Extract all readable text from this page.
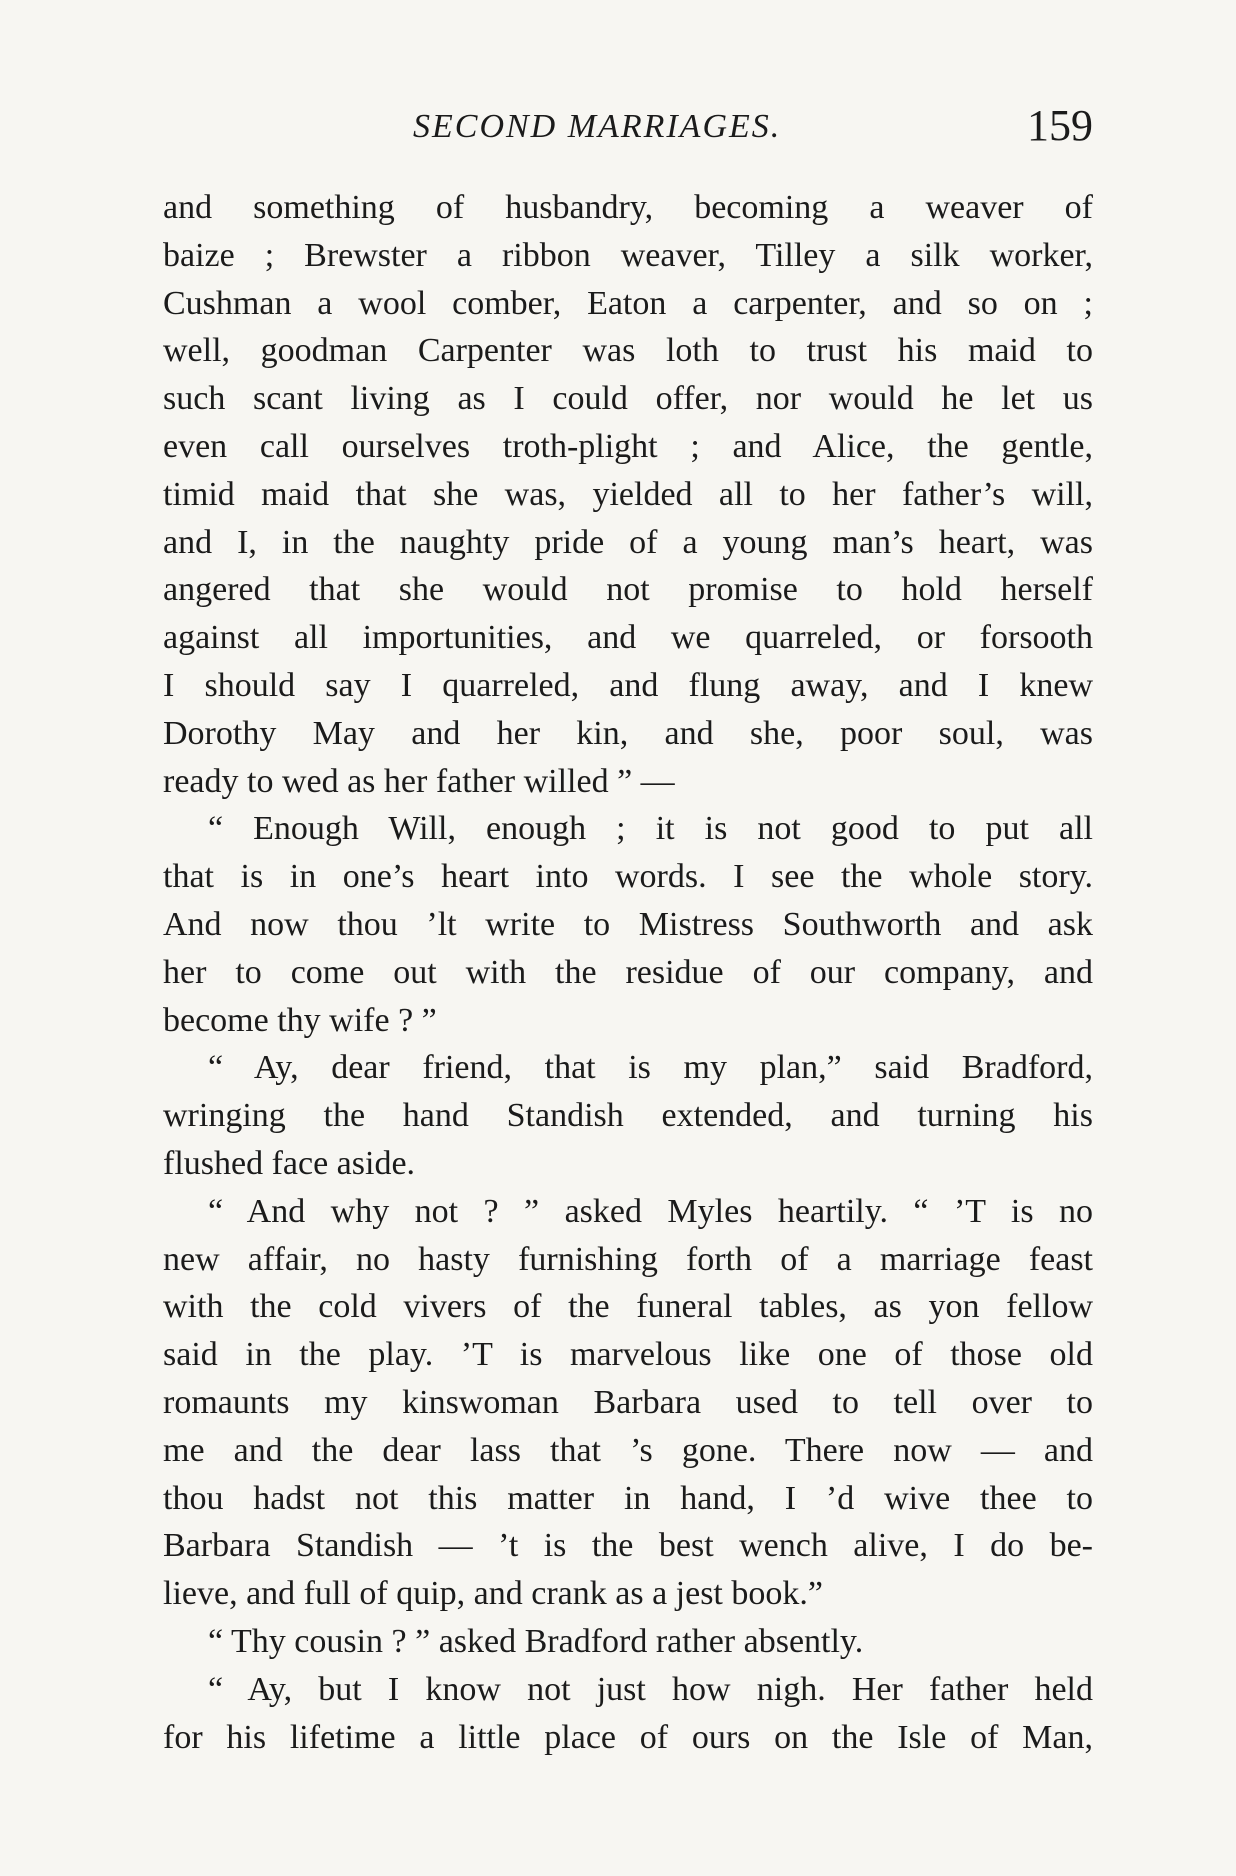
SECOND MARRIAGES.	159
and something of husbandry, becoming a weaver of
baize ; Brewster a ribbon weaver, Tilley a silk worker,
Cushman a wool comber, Eaton a carpenter, and so on ;
well, goodman Carpenter was loth to trust his maid to
such scant living as I could offer, nor would he let us
even call ourselves troth-plight ; and Alice, the gentle,
timid maid that she was, yielded all to her father’s will,
and I, in the naughty pride of a young man’s heart, was
angered that she would not promise to hold herself
against all importunities, and we quarreled, or forsooth
I should say I quarreled, and flung away, and I knew
Dorothy May and her kin, and she, poor soul, was
ready to wed as her father willed ” —
“ Enough Will, enough ; it is not good to put all
that is in one’s heart into words. I see the whole story.
And now thou ’lt write to Mistress Southworth and ask
her to come out with the residue of our company, and
become thy wife ? ”
“ Ay, dear friend, that is my plan,” said Bradford,
wringing the hand Standish extended, and turning his
flushed face aside.
“ And why not ? ” asked Myles heartily. “ ’T is no
new affair, no hasty furnishing forth of a marriage feast
with the cold vivers of the funeral tables, as yon fellow
said in the play. ’T is marvelous like one of those old
romaunts my kinswoman Barbara used to tell over to
me and the dear lass that ’s gone. There now — and
thou hadst not this matter in hand, I ’d wive thee to
Barbara Standish — ’t is the best wench alive, I do be-
lieve, and full of quip, and crank as a jest book.”
“ Thy cousin ? ” asked Bradford rather absently.
“ Ay, but I know not just how nigh. Her father held
for his lifetime a little place of ours on the Isle of Man,
